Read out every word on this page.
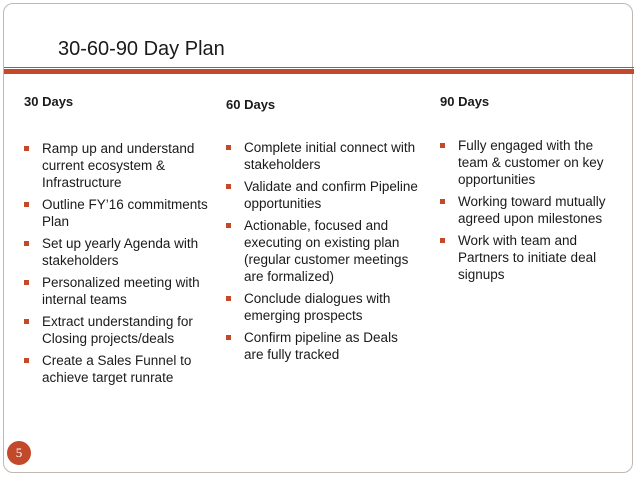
30-60-90 Day Plan

30 Days

Ramp up and understand current ecosystem & Infrastructure
Outline FY’16 commitments Plan
Set up yearly Agenda with stakeholders
Personalized meeting with internal teams
Extract understanding for Closing projects/deals
Create a Sales Funnel to achieve target runrate

60 Days

Complete initial connect with stakeholders
Validate and confirm Pipeline opportunities
Actionable, focused and executing on existing plan (regular customer meetings are formalized)
Conclude dialogues with emerging prospects
Confirm pipeline as Deals are fully tracked

90 Days

Fully engaged with the team & customer on key opportunities
Working toward mutually agreed upon milestones
Work with team and Partners to initiate deal signups
5
